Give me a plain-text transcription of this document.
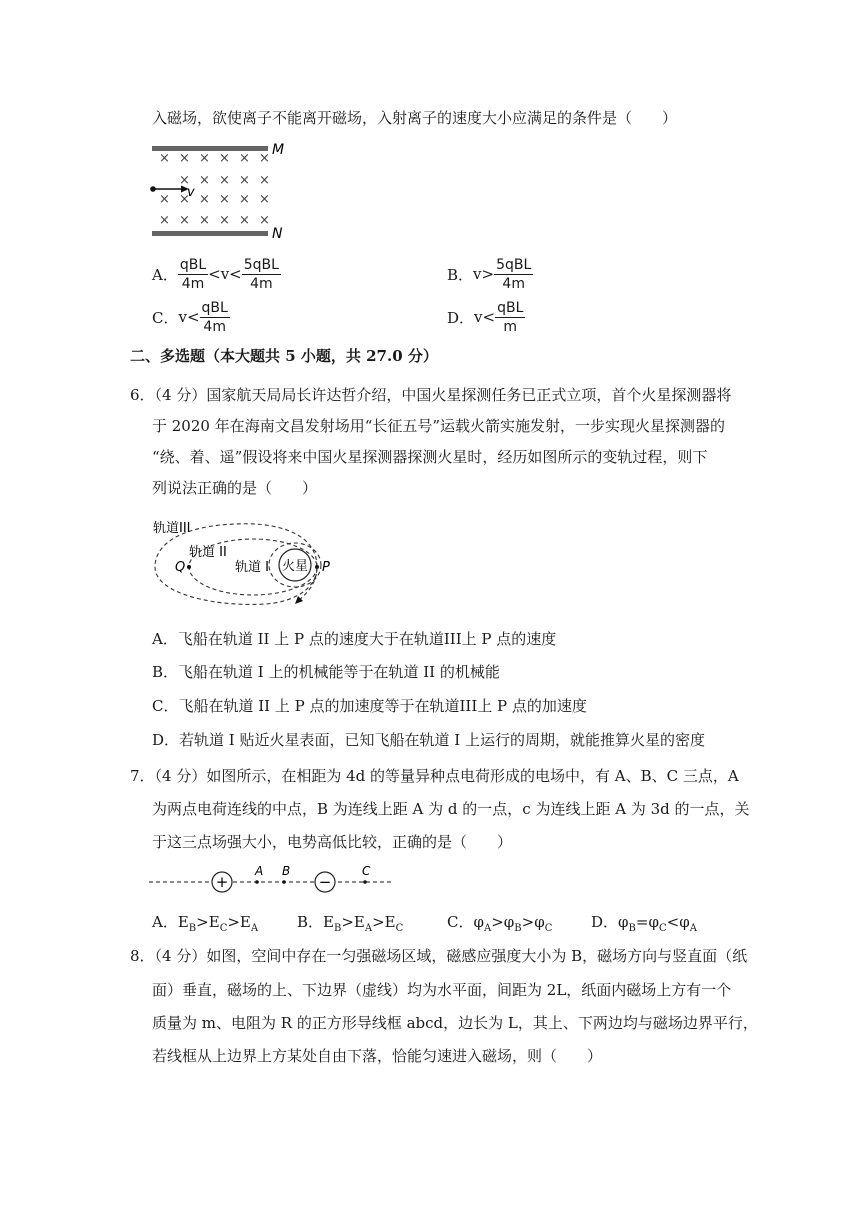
入磁场，欲使离子不能离开磁场，入射离子的速度大小应满足的条件是（　　）
M
N
× × × × × ×
× × × × ×
× × × × × ×
× × × × × ×
v
A． $\frac{\text{qBL}}{4m} <v< \frac{\text{5qBL}}{4m}$	B． $v> \frac{\text{5qBL}}{4m}$
C． $v< \frac{\text{qBL}}{4m}$	D． $v< \frac{\text{qBL}}{m}$
二、多选题（本大题共 5 小题，共 27.0 分）
6．（4 分）国家航天局局长许达哲介绍，中国火星探测任务已正式立项，首个火星探测器将
于 2020 年在海南文昌发射场用“长征五号”运载火箭实施发射，一步实现火星探测器的
“绕、着、遥”假设将来中国火星探测器探测火星时，经历如图所示的变轨过程，则下
列说法正确的是（　　）
轨道III
火星
轨道 II
轨道 I
Q	P
A．飞船在轨道 II 上 P 点的速度大于在轨道III上 P 点的速度
B．飞船在轨道 I 上的机械能等于在轨道 II 的机械能
C．飞船在轨道 II 上 P 点的加速度等于在轨道III上 P 点的加速度
D．若轨道 I 贴近火星表面，已知飞船在轨道 I 上运行的周期，就能推算火星的密度
7．（4 分）如图所示，在相距为 4d 的等量异种点电荷形成的电场中，有 A、B、C 三点，A
为两点电荷连线的中点，B 为连线上距 A 为 d 的一点，c 为连线上距 A 为 3d 的一点，关
于这三点场强大小，电势高低比较，正确的是（　　）
+	−
A B	C
A．$E_B>E_C>E_A$	B．$E_B>E_A>E_C$	C．$\varphi_A>\varphi_B>\varphi_C$	D．$\varphi_B=\varphi_C<\varphi_A$
8．（4 分）如图，空间中存在一匀强磁场区域，磁感应强度大小为 B，磁场方向与竖直面（纸
面）垂直，磁场的上、下边界（虚线）均为水平面，间距为 2L，纸面内磁场上方有一个
质量为 m、电阻为 R 的正方形导线框 abcd，边长为 L，其上、下两边均与磁场边界平行，
若线框从上边界上方某处自由下落，恰能匀速进入磁场，则（　　）
